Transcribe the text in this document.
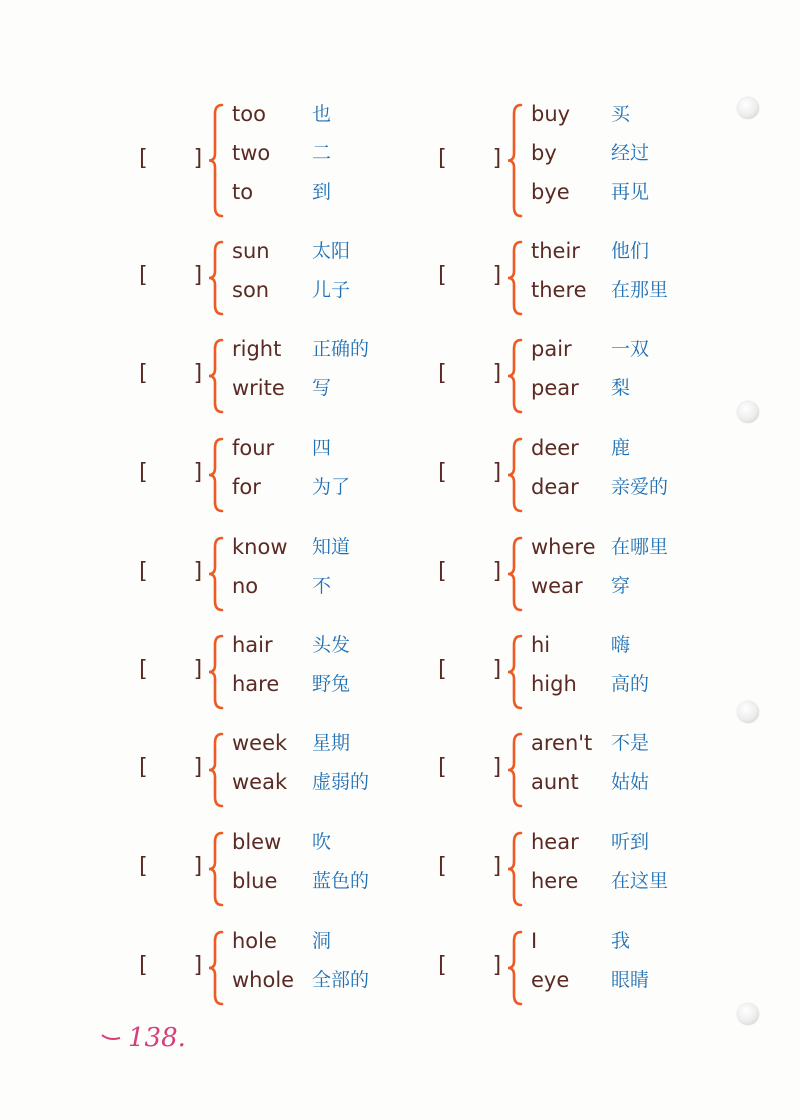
[ ]
too 也
two 二
to	到
[ ]
buy 买
by	经过
bye 再见
[ ]
sun 太阳
son 儿子
[ ]
their 他们
there 在那里
[ ]
right 正确的
write 写
[ ]
pair 一双
pear 梨
[ ]
four 四
for	为了
[ ]
deer 鹿
dear 亲爱的
[ ]
know 知道
no	不
[ ]
where 在哪里
wear 穿
[ ]
hair 头发
hare 野兔
[ ]
hi	嗨
high 高的
[ ]
week 星期
weak 虚弱的
[ ]
aren't 不是
aunt 姑姑
[ ]
blew 吹
blue 蓝色的
[ ]
hear 听到
here 在这里
[ ]
hole 洞
whole 全部的
[ ]
I	我
eye 眼睛
138.
